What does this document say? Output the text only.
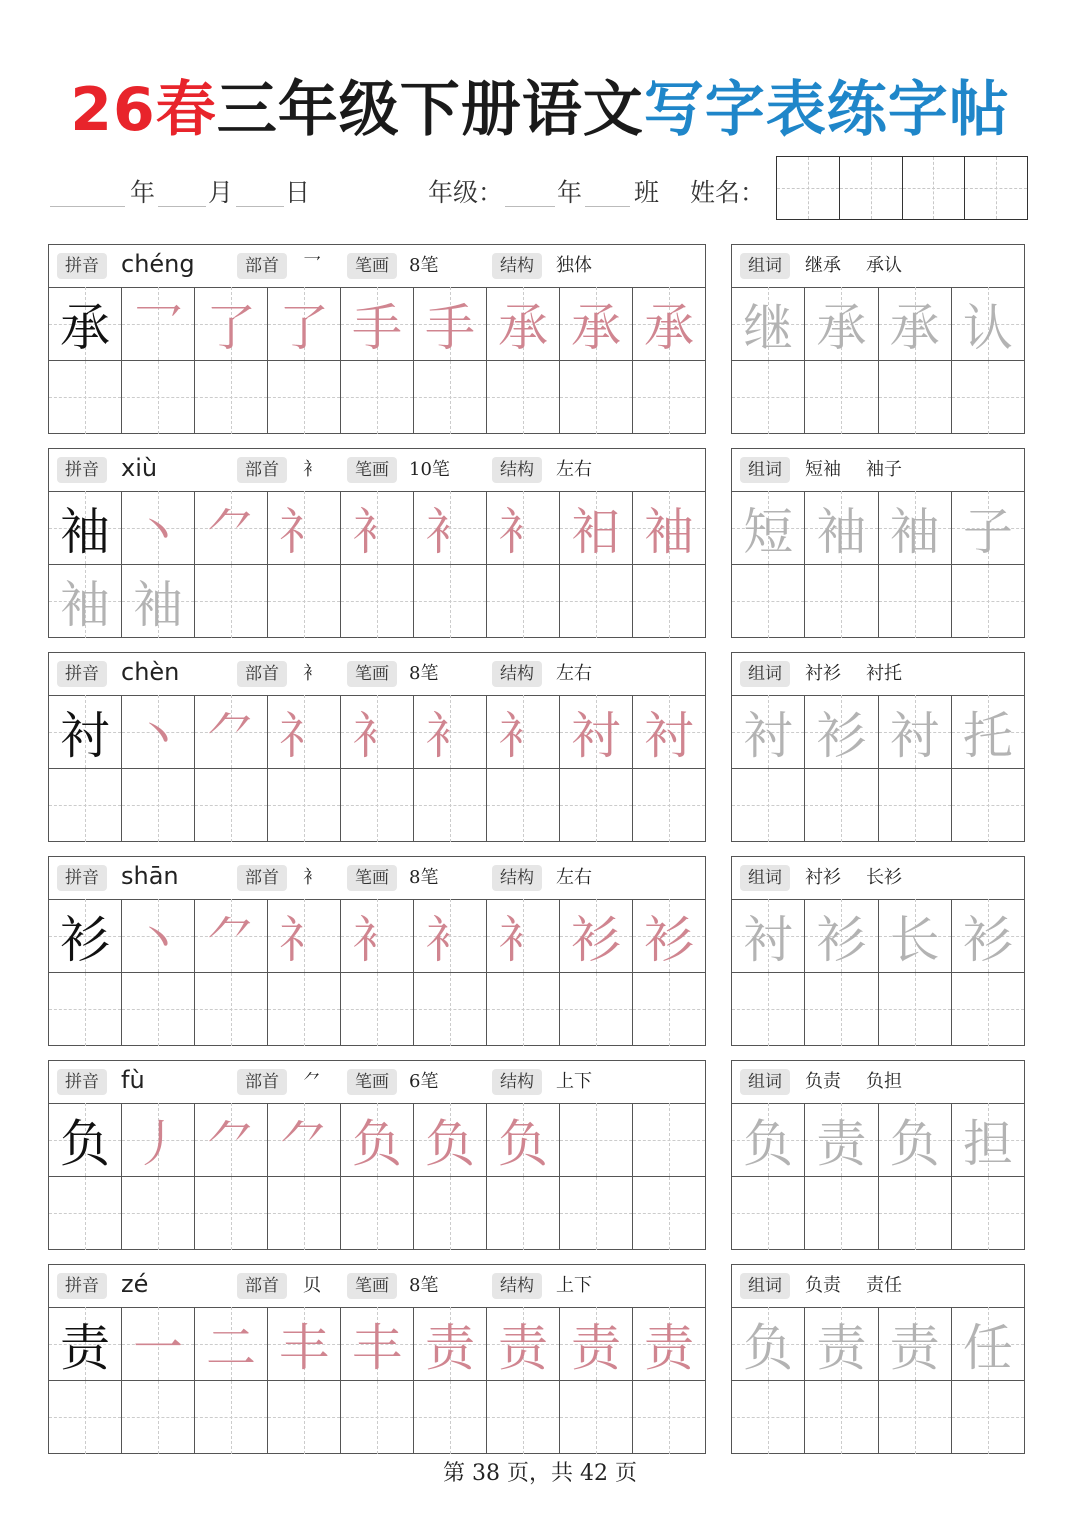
26春三年级下册语文写字表练字帖
年 月 日	年级： 年 班 姓名：
拼音 chéng	部首	乛	笔画	8笔	结构	独体
承 乛 了 了 手 手 承 承 承
组词	继承 承认
继 承 承 认
拼音 xiù	部首	衤	笔画	10笔	结构	左右
袖 丶 ⺈ 礻 衤 衤 衤 衵 袖
袖 袖
组词	短袖 袖子
短 袖 袖 子
拼音 chèn	部首	衤	笔画	8笔	结构	左右
衬 丶 ⺈ 礻 衤 衤 衤 衬 衬
组词	衬衫 衬托
衬 衫 衬 托
拼音 shān	部首	衤	笔画	8笔	结构	左右
衫 丶 ⺈ 礻 衤 衤 衤 衫 衫
组词	衬衫 长衫
衬 衫 长 衫
拼音 fù	部首	⺈	笔画	6笔	结构	上下
负 丿 ⺈ ⺈ 负 负 负
组词	负责 负担
负 责 负 担
拼音 zé	部首	贝	笔画	8笔	结构	上下
责 一 二 丰 丰 责 责 责 责
组词	负责 责任
负 责 责 任
第 38 页，共 42 页
